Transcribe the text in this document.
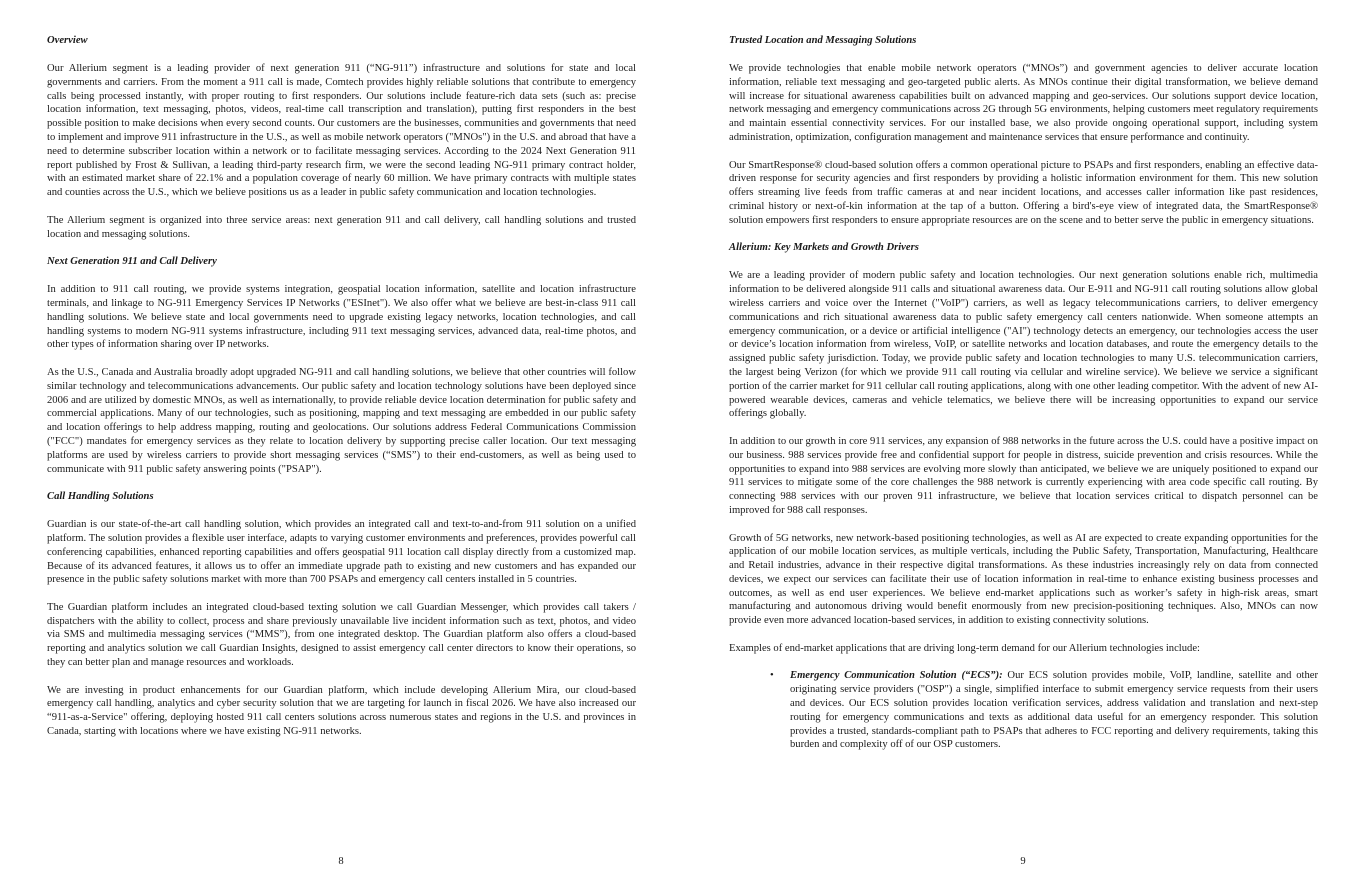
Overview

Our Allerium segment is a leading provider of next generation 911 (“NG-911”) infrastructure and solutions for state and local governments and carriers. From the moment a 911 call is made, Comtech provides highly reliable solutions that contribute to emergency calls being processed instantly, with proper routing to first responders. Our solutions include feature-rich data sets (such as: precise location information, text messaging, photos, videos, real-time call transcription and translation), putting first responders in the best possible position to make decisions when every second counts. Our customers are the businesses, communities and governments that need to implement and improve 911 infrastructure in the U.S., as well as mobile network operators ("MNOs") in the U.S. and abroad that have a need to determine subscriber location within a network or to facilitate messaging services. According to the 2024 Next Generation 911 report published by Frost & Sullivan, a leading third-party research firm, we were the second leading NG-911 primary contract holder, with an estimated market share of 22.1% and a population coverage of nearly 60 million. We have primary contracts with multiple states and counties across the U.S., which we believe positions us as a leader in public safety communication and location technologies.

The Allerium segment is organized into three service areas: next generation 911 and call delivery, call handling solutions and trusted location and messaging solutions.

Next Generation 911 and Call Delivery

In addition to 911 call routing, we provide systems integration, geospatial location information, satellite and location infrastructure terminals, and linkage to NG-911 Emergency Services IP Networks ("ESInet"). We also offer what we believe are best-in-class 911 call handling solutions. We believe state and local governments need to upgrade existing legacy networks, location technologies, and call handling systems to modern NG-911 systems infrastructure, including 911 text messaging services, advanced data, real-time photos, and other types of information sharing over IP networks.

As the U.S., Canada and Australia broadly adopt upgraded NG-911 and call handling solutions, we believe that other countries will follow similar technology and telecommunications advancements. Our public safety and location technology solutions have been deployed since 2006 and are utilized by domestic MNOs, as well as internationally, to provide reliable device location determination for public safety and commercial applications. Many of our technologies, such as positioning, mapping and text messaging are embedded in our public safety and location offerings to help address mapping, routing and geolocations. Our solutions address Federal Communications Commission ("FCC") mandates for emergency services as they relate to location delivery by supporting precise caller location. Our text messaging platforms are used by wireless carriers to provide short messaging services (“SMS”) to their end-customers, as well as being used to communicate with 911 public safety answering points ("PSAP").

Call Handling Solutions

Guardian is our state-of-the-art call handling solution, which provides an integrated call and text-to-and-from 911 solution on a unified platform. The solution provides a flexible user interface, adapts to varying customer environments and preferences, provides powerful call conferencing capabilities, enhanced reporting capabilities and offers geospatial 911 location call display directly from a customized map. Because of its advanced features, it allows us to offer an immediate upgrade path to existing and new customers and has expanded our presence in the public safety solutions market with more than 700 PSAPs and emergency call centers installed in 5 countries.

The Guardian platform includes an integrated cloud-based texting solution we call Guardian Messenger, which provides call takers / dispatchers with the ability to collect, process and share previously unavailable live incident information such as text, photos, and video via SMS and multimedia messaging services (“MMS”), from one integrated desktop. The Guardian platform also offers a cloud-based reporting and analytics solution we call Guardian Insights, designed to assist emergency call center directors to know their operations, so they can better plan and manage resources and workloads.

We are investing in product enhancements for our Guardian platform, which include developing Allerium Mira, our cloud-based emergency call handling, analytics and cyber security solution that we are targeting for launch in fiscal 2026. We have also increased our “911-as-a-Service" offering, deploying hosted 911 call centers solutions across numerous states and regions in the U.S. and provinces in Canada, starting with locations where we have existing NG-911 networks.

8
Trusted Location and Messaging Solutions

We provide technologies that enable mobile network operators (“MNOs”) and government agencies to deliver accurate location information, reliable text messaging and geo-targeted public alerts. As MNOs continue their digital transformation, we believe demand will increase for situational awareness capabilities built on advanced mapping and geo-services. Our solutions support device location, network messaging and emergency communications across 2G through 5G environments, helping customers meet regulatory requirements and maintain essential connectivity services. For our installed base, we also provide ongoing operational support, including system administration, optimization, configuration management and maintenance services that ensure performance and continuity.

Our SmartResponse® cloud-based solution offers a common operational picture to PSAPs and first responders, enabling an effective data-driven response for security agencies and first responders by providing a holistic information environment for them. This new solution offers streaming live feeds from traffic cameras at and near incident locations, and accesses caller information like past residences, criminal history or next-of-kin information at the tap of a button. Offering a bird's-eye view of integrated data, the SmartResponse® solution empowers first responders to ensure appropriate resources are on the scene and to better serve the public in emergency situations.

Allerium: Key Markets and Growth Drivers

We are a leading provider of modern public safety and location technologies. Our next generation solutions enable rich, multimedia information to be delivered alongside 911 calls and situational awareness data. Our E-911 and NG-911 call routing solutions allow global wireless carriers and voice over the Internet ("VoIP") carriers, as well as legacy telecommunications carriers, to deliver emergency communications and rich situational awareness data to public safety emergency call centers nationwide. When someone attempts an emergency communication, or a device or artificial intelligence ("AI") technology detects an emergency, our technologies access the user or device’s location information from wireless, VoIP, or satellite networks and location databases, and route the emergency details to the assigned public safety jurisdiction. Today, we provide public safety and location technologies to many U.S. telecommunication carriers, the largest being Verizon (for which we provide 911 call routing via cellular and wireline service). We believe we service a significant portion of the carrier market for 911 cellular call routing applications, along with one other leading competitor. With the advent of new AI-powered wearable devices, cameras and vehicle telematics, we believe there will be increasing opportunities to expand our service offerings globally.

In addition to our growth in core 911 services, any expansion of 988 networks in the future across the U.S. could have a positive impact on our business. 988 services provide free and confidential support for people in distress, suicide prevention and crisis resources. While the opportunities to expand into 988 services are evolving more slowly than anticipated, we believe we are uniquely positioned to expand our 911 services to mitigate some of the core challenges the 988 network is currently experiencing with area code specific call routing. By connecting 988 services with our proven 911 infrastructure, we believe that location services critical to dispatch personnel can be improved for 988 call responses.

Growth of 5G networks, new network-based positioning technologies, as well as AI are expected to create expanding opportunities for the application of our mobile location services, as multiple verticals, including the Public Safety, Transportation, Manufacturing, Healthcare and Retail industries, advance in their respective digital transformations. As these industries increasingly rely on data from connected devices, we expect our services can facilitate their use of location information in real-time to enhance existing business processes and outcomes, as well as end user experiences. We believe end-market applications such as worker’s safety in high-risk areas, smart manufacturing and autonomous driving would benefit enormously from new precision-positioning techniques. Also, MNOs can now provide even more advanced location-based services, in addition to existing connectivity solutions.

Examples of end-market applications that are driving long-term demand for our Allerium technologies include:

• Emergency Communication Solution (“ECS”): Our ECS solution provides mobile, VoIP, landline, satellite and other originating service providers ("OSP") a single, simplified interface to submit emergency service requests from their users and devices. Our ECS solution provides location verification services, address validation and translation and next-step routing for emergency communications and texts as additional data useful for an emergency responder. This solution provides a trusted, standards-compliant path to PSAPs that adheres to FCC reporting and delivery requirements, taking this burden and complexity off of our OSP customers.
9
